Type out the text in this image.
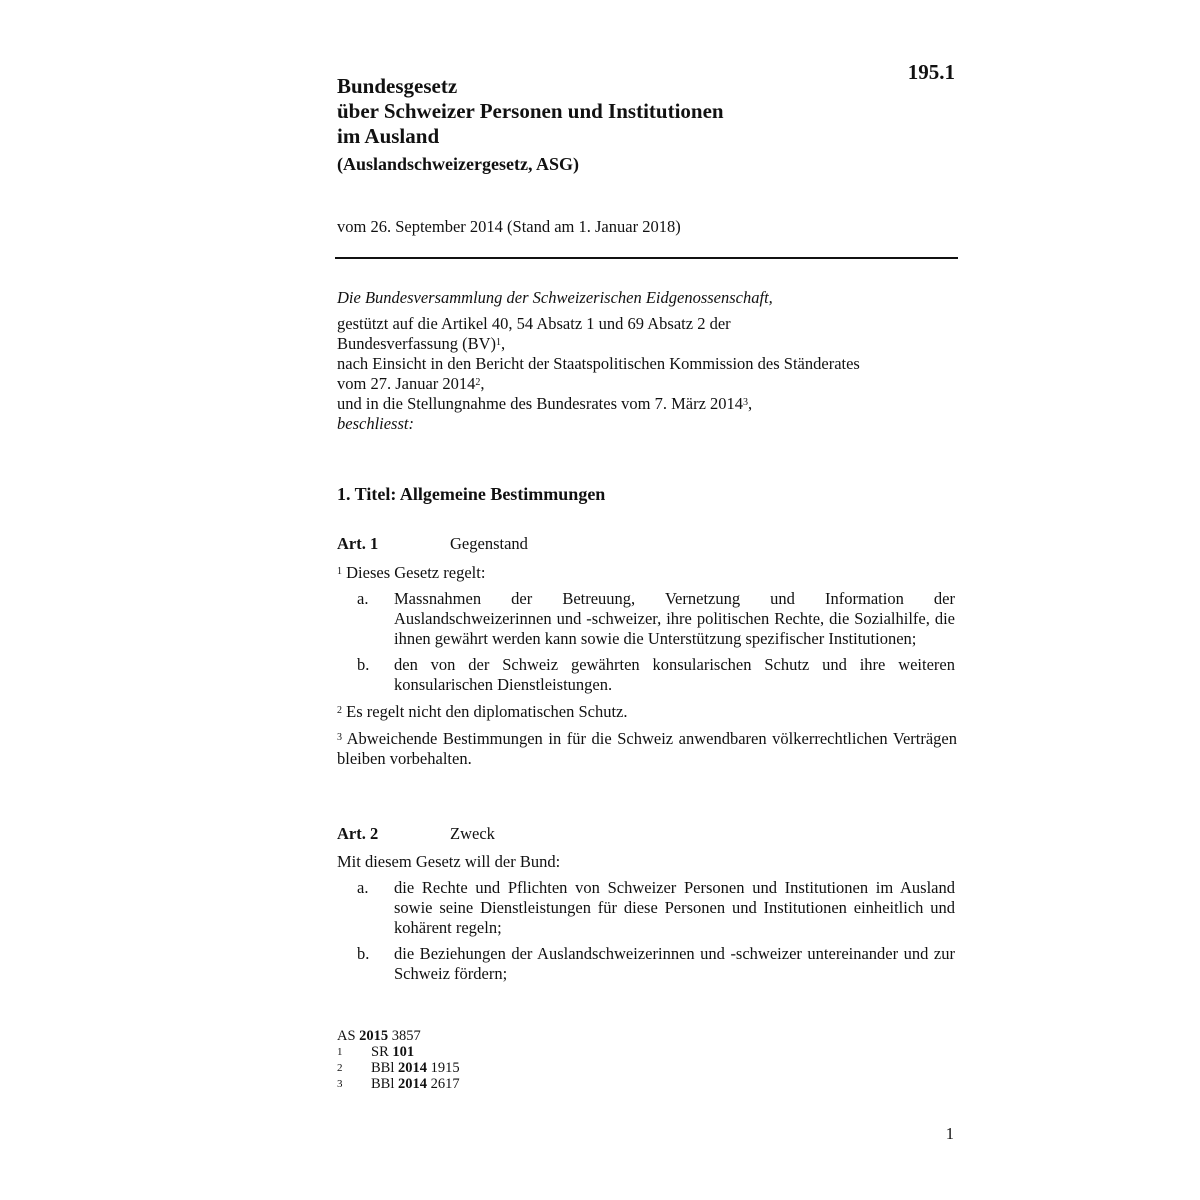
195.1
Bundesgesetz
über Schweizer Personen und Institutionen
im Ausland
(Auslandschweizergesetz, ASG)
vom 26. September 2014 (Stand am 1. Januar 2018)
Die Bundesversammlung der Schweizerischen Eidgenossenschaft,
gestützt auf die Artikel 40, 54 Absatz 1 und 69 Absatz 2 der
Bundesverfassung (BV)$^1$,
nach Einsicht in den Bericht der Staatspolitischen Kommission des Ständerates
vom 27. Januar 2014$^2$,
und in die Stellungnahme des Bundesrates vom 7. März 2014$^3$,
beschliesst:
1. Titel: Allgemeine Bestimmungen
Art. 1	Gegenstand
$^1$ Dieses Gesetz regelt:
a.	Massnahmen der Betreuung, Vernetzung und Information der Auslandschweizerinnen und -schweizer, ihre politischen Rechte, die Sozialhilfe, die ihnen gewährt werden kann sowie die Unterstützung spezifischer Institutionen;
b.	den von der Schweiz gewährten konsularischen Schutz und ihre weiteren konsularischen Dienstleistungen.
$^2$ Es regelt nicht den diplomatischen Schutz.
$^3$ Abweichende Bestimmungen in für die Schweiz anwendbaren völkerrechtlichen Verträgen bleiben vorbehalten.
Art. 2	Zweck
Mit diesem Gesetz will der Bund:
a.	die Rechte und Pflichten von Schweizer Personen und Institutionen im Ausland sowie seine Dienstleistungen für diese Personen und Institutionen einheitlich und kohärent regeln;
b.	die Beziehungen der Auslandschweizerinnen und -schweizer untereinander und zur Schweiz fördern;
AS 2015 3857
1	SR 101
2	BBl 2014 1915
3	BBl 2014 2617
1
